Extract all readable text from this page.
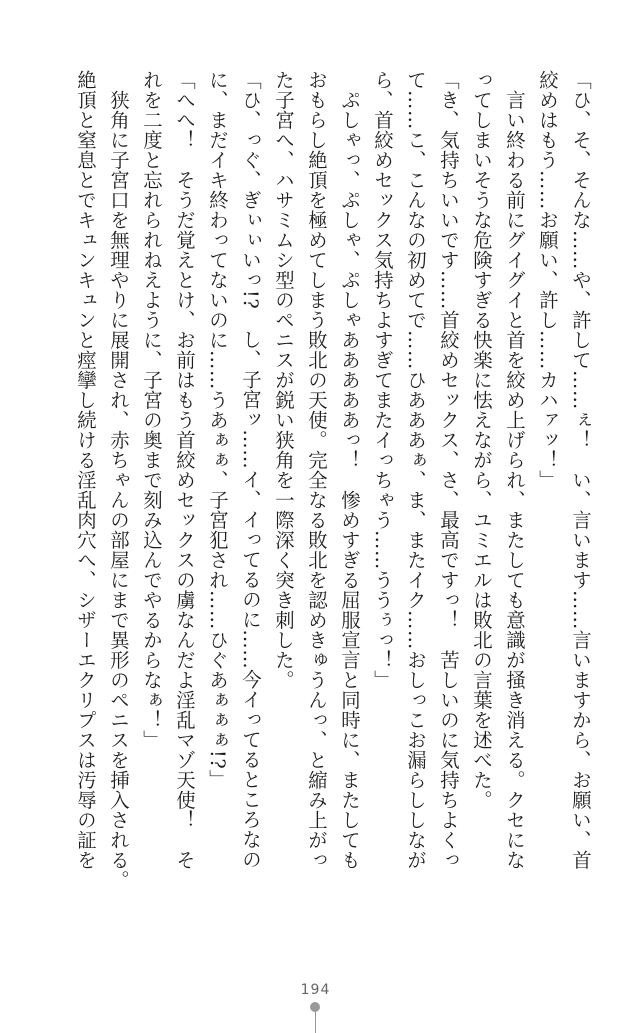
「ひ、そ、そんな……や、許して……ぇ！　い、言います……言いますから、お願い、首
絞めはもう……お願い、許し……カハァッ！」
　言い終わる前にグイグイと首を絞め上げられ、またしても意識が掻き消える。クセにな
ってしまいそうな危険すぎる快楽に怯えながら、ユミエルは敗北の言葉を述べた。
「き、気持ちいいです……首絞めセックス、さ、最高ですっ！　苦しいのに気持ちよくっ
て……こ、こんなの初めてで……ひあああぁ、ま、またイク……おしっこお漏らししなが
ら、首絞めセックス気持ちよすぎてまたイっちゃう……ううぅっ！」
　ぷしゃっ、ぷしゃ、ぷしゃあああああっ！　惨めすぎる屈服宣言と同時に、またしても
おもらし絶頂を極めてしまう敗北の天使。完全なる敗北を認めきゅうんっ、と縮み上がっ
た子宮へ、ハサミムシ型のペニスが鋭い狭角を一際深く突き刺した。
「ひ、っぐ、ぎぃぃいっ!?　し、子宮ッ……イ、イってるのに……今イってるところなの
に、まだイキ終わってないのに……うあぁぁ、子宮犯され……ひぐあぁぁぁ!?」
「へへ！　そうだ覚えとけ、お前はもう首絞めセックスの虜なんだよ淫乱マゾ天使！　そ
れを二度と忘れられねえように、子宮の奥まで刻み込んでやるからなぁ！」
　狭角に子宮口を無理やりに展開され、赤ちゃんの部屋にまで異形のペニスを挿入される。
絶頂と窒息とでキュンキュンと痙攣し続ける淫乱肉穴へ、シザーエクリプスは汚辱の証を
194
